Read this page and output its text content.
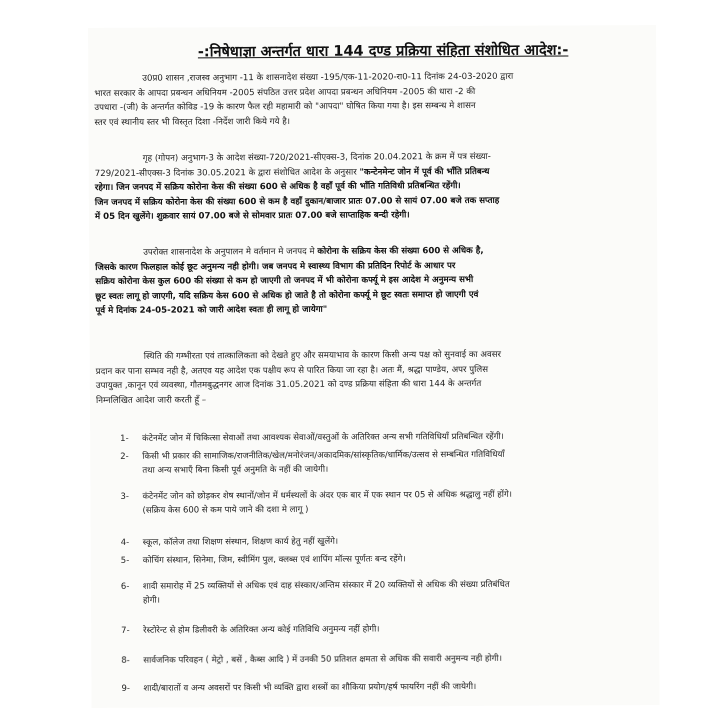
-:निषेधाज्ञा अन्तर्गत धारा 144 दण्ड प्रक्रिया संहिता संशोधित आदेश:-
उ0प्र0 शासन ,राजस्व अनुभाग -11 के शासनादेश संख्या -195/एक-11-2020-रा0-11 दिनांक 24-03-2020 द्वारा
भारत सरकार के आपदा प्रबन्धन अधिनियम -2005 संपठित उत्तर प्रदेश आपदा प्रबन्धन अधिनियम -2005 की धारा -2 की
उपधारा -(जी) के अन्तर्गत कोविड -19 के कारण फैल रही महामारी को "आपदा" घोषित किया गया है। इस सम्बन्ध मे शासन
स्तर एवं स्थानीय स्तर भी विस्तृत दिशा -निर्देश जारी किये गये है।
गृह (गोपन) अनुभाग-3 के आदेश संख्या-720/2021-सीएक्स-3, दिनांक 20.04.2021 के क्रम में पत्र संख्या-
729/2021-सीएक्स-3 दिनांक 30.05.2021 के द्वारा संशोधित आदेश के अनुसार "कन्टेनमेन्ट जोन में पूर्व की भाँति प्रतिबन्ध
रहेगा। जिन जनपद में सक्रिय कोरोना केस की संख्या 600 से अधिक है वहाँ पूर्व की भाँति गतिविधी प्रतिबन्धित रहेंगी।
जिन जनपद में सक्रिय कोरोना केस की संख्या 600 से कम है वहाँ दुकान/बाजार प्रातः 07.00 से सायं 07.00 बजे तक सप्ताह
में 05 दिन खुलेंगे। शुक्रवार सायं 07.00 बजे से सोमवार प्रातः 07.00 बजे साप्ताहिक बन्दी रहेगी।
उपरोक्त शासनादेश के अनुपालन मे वर्तमान मे जनपद मे कोरोना के सक्रिय केस की संख्या 600 से अधिक है,
जिसके कारण फिलहाल कोई छूट अनुमन्य नही होगी। जब जनपद मे स्वास्थ्य विभाग की प्रतिदिन रिपोर्ट के आधार पर
सक्रिय कोरोना केस कुल 600 की संख्या से कम हो जाएगी तो जनपद में भी कोरोना कर्फ्यू मे इस आदेश मे अनुमन्य सभी
छूट स्वतः लागू हो जाएगी, यदि सक्रिय केस 600 से अधिक हो जाते है तो कोरोना कर्फ्यू मे छूट स्वतः समाप्त हो जाएगी एवं
पूर्व मे दिनांक 24-05-2021 को जारी आदेश स्वतः ही लागू हो जायेगा"
स्थिति की गम्भीरता एवं तात्कालिकता को देखते हुए और समयाभाव के कारण किसी अन्य पक्ष को सुनवाई का अवसर
प्रदान कर पाना सम्भव नही है, अतएव यह आदेश एक पक्षीय रूप से पारित किया जा रहा है। अतः मैं, श्रद्धा पाण्डेय, अपर पुलिस
उपायुक्त ,कानून एवं व्यवस्था, गौतमबुद्धनगर आज दिनांक 31.05.2021 को दण्ड प्रक्रिया संहिता की धारा 144 के अन्तर्गत
निम्नलिखित आदेश जारी करती हूँ –
1- कंटेनमेंट जोन में चिकित्सा सेवाओं तथा आवश्यक सेवाओं/वस्तुओं के अतिरिक्त अन्य सभी गतिविधियाँ प्रतिबन्धित रहेंगी।
2- किसी भी प्रकार की सामाजिक/राजनीतिक/खेल/मनोरंजन/अकादमिक/सांस्कृतिक/धार्मिक/उत्सव से सम्बन्धित गतिविधियाँ
तथा अन्य सभाएँ बिना किसी पूर्व अनुमति के नहीं की जायेगी।
3- कंटेनमेंट जोन को छोड़कर शेष स्थानों/जोन में धर्मस्थलों के अंदर एक बार में एक स्थान पर 05 से अधिक श्रद्धालु नहीं होंगे।
(सक्रिय केस 600 से कम पाये जाने की दशा मे लागू )
4- स्कूल, कॉलेज तथा शिक्षण संस्थान, शिक्षण कार्य हेतु नहीं खुलेंगे।
5- कोचिंग संस्थान, सिनेमा, जिम, स्वीमिंग पुल, क्लब्स एवं शापिंग मॉल्स पूर्णतः बन्द रहेंगे।
6- शादी समारोह में 25 व्यक्तियों से अधिक एवं दाह संस्कार/अन्तिम संस्कार में 20 व्यक्तियों से अधिक की संख्या प्रतिबंधित
होगी।
7- रेस्टोरेन्ट से होम डिलीवरी के अतिरिक्त अन्य कोई गतिविधि अनुमन्य नहीं होगी।
8- सार्वजनिक परिवहन ( मेट्रो , बसें , कैब्स आदि ) में उनकी 50 प्रतिशत क्षमता से अधिक की सवारी अनुमन्य नही होगी।
9- शादी/बारातों व अन्य अवसरों पर किसी भी व्यक्ति द्वारा शस्त्रों का शौकिया प्रयोग/हर्ष फायरिंग नहीं की जायेगी।
